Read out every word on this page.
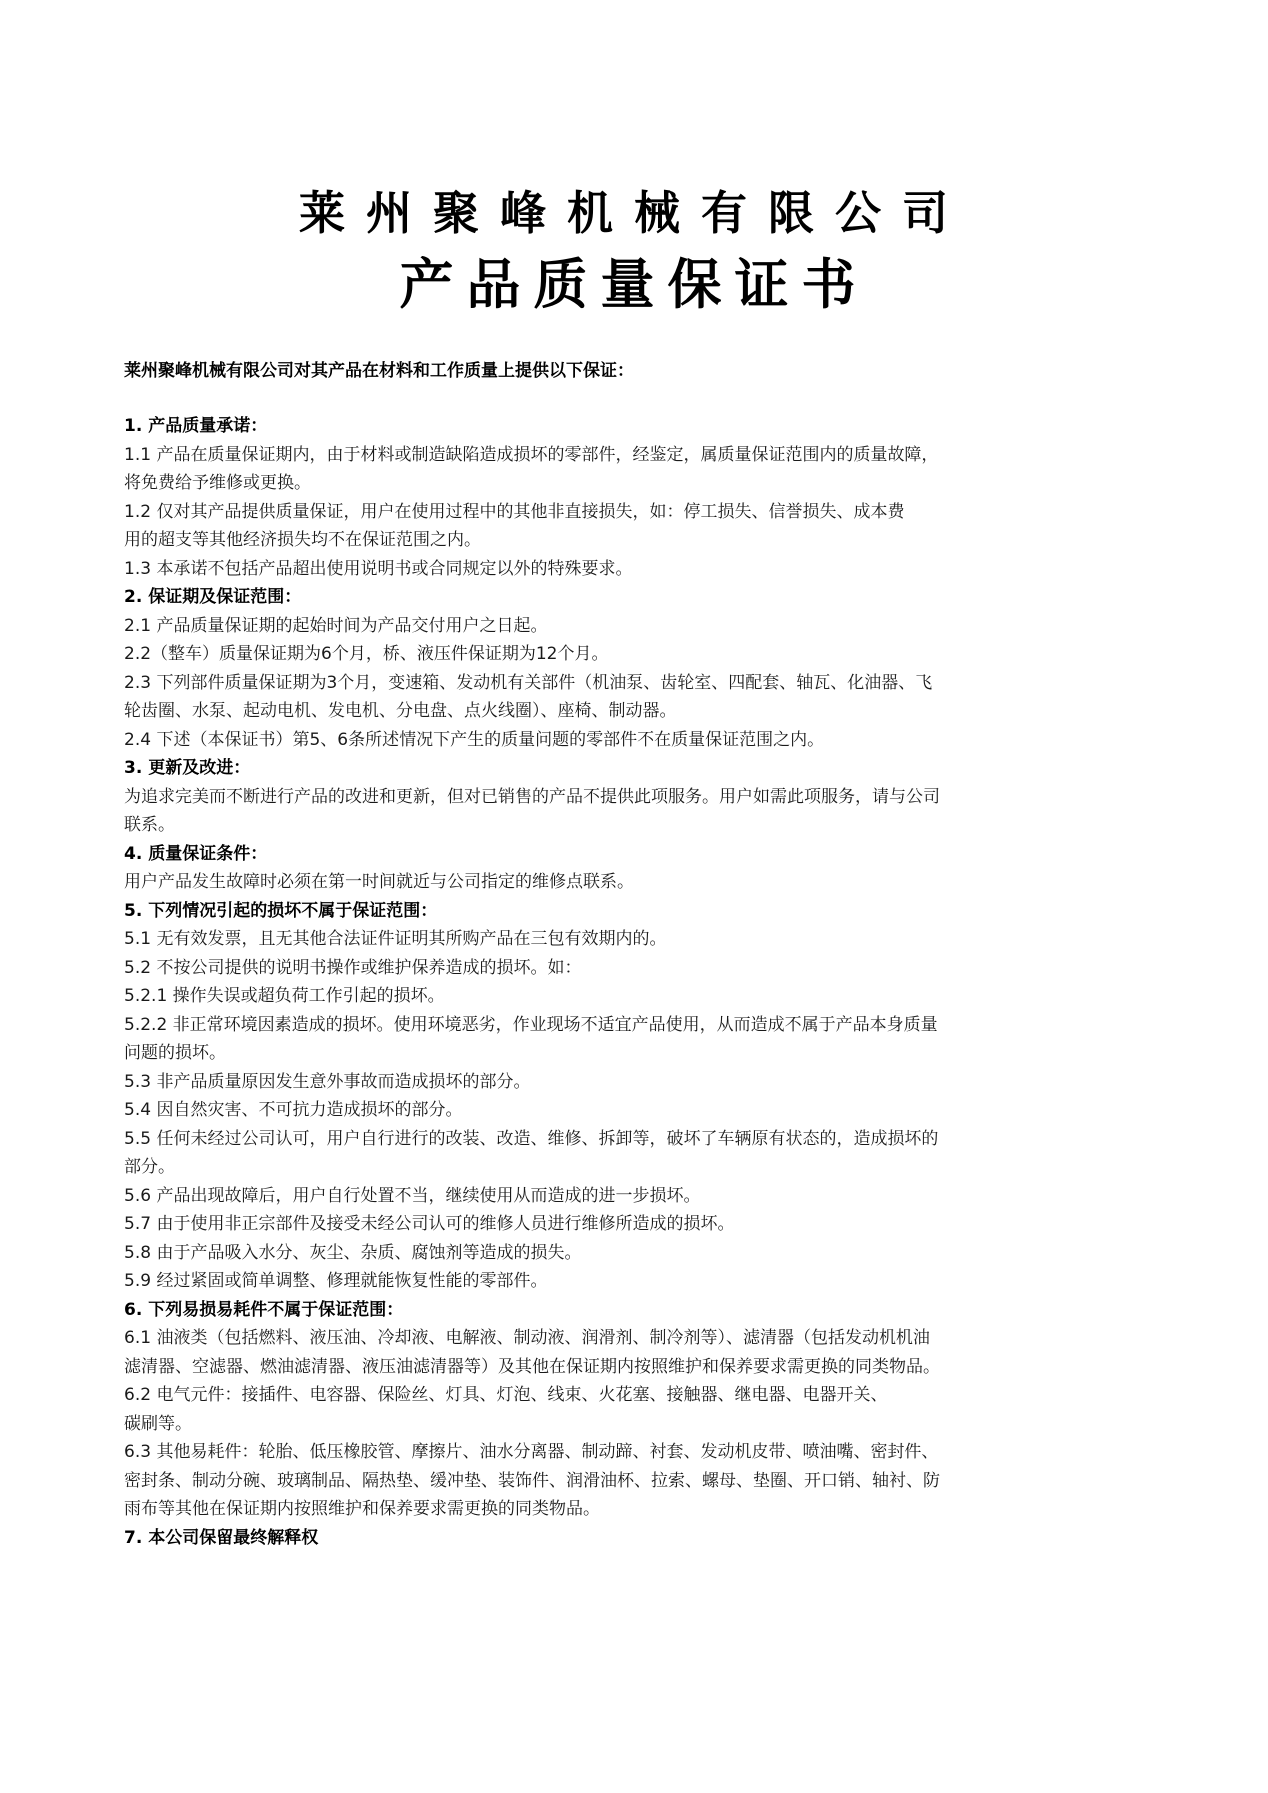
莱州聚峰机械有限公司
产品质量保证书
莱州聚峰机械有限公司对其产品在材料和工作质量上提供以下保证：
1. 产品质量承诺：
1.1 产品在质量保证期内，由于材料或制造缺陷造成损坏的零部件，经鉴定，属质量保证范围内的质量故障，
将免费给予维修或更换。
1.2 仅对其产品提供质量保证，用户在使用过程中的其他非直接损失，如：停工损失、信誉损失、成本费
用的超支等其他经济损失均不在保证范围之内。
1.3 本承诺不包括产品超出使用说明书或合同规定以外的特殊要求。
2. 保证期及保证范围：
2.1 产品质量保证期的起始时间为产品交付用户之日起。
2.2（整车）质量保证期为6个月，桥、液压件保证期为12个月。
2.3 下列部件质量保证期为3个月，变速箱、发动机有关部件（机油泵、齿轮室、四配套、轴瓦、化油器、飞
轮齿圈、水泵、起动电机、发电机、分电盘、点火线圈）、座椅、制动器。
2.4 下述（本保证书）第5、6条所述情况下产生的质量问题的零部件不在质量保证范围之内。
3. 更新及改进：
为追求完美而不断进行产品的改进和更新，但对已销售的产品不提供此项服务。用户如需此项服务，请与公司
联系。
4. 质量保证条件：
用户产品发生故障时必须在第一时间就近与公司指定的维修点联系。
5. 下列情况引起的损坏不属于保证范围：
5.1 无有效发票，且无其他合法证件证明其所购产品在三包有效期内的。
5.2 不按公司提供的说明书操作或维护保养造成的损坏。如：
5.2.1 操作失误或超负荷工作引起的损坏。
5.2.2 非正常环境因素造成的损坏。使用环境恶劣，作业现场不适宜产品使用，从而造成不属于产品本身质量
问题的损坏。
5.3 非产品质量原因发生意外事故而造成损坏的部分。
5.4 因自然灾害、不可抗力造成损坏的部分。
5.5 任何未经过公司认可，用户自行进行的改装、改造、维修、拆卸等，破坏了车辆原有状态的，造成损坏的
部分。
5.6 产品出现故障后，用户自行处置不当，继续使用从而造成的进一步损坏。
5.7 由于使用非正宗部件及接受未经公司认可的维修人员进行维修所造成的损坏。
5.8 由于产品吸入水分、灰尘、杂质、腐蚀剂等造成的损失。
5.9 经过紧固或简单调整、修理就能恢复性能的零部件。
6. 下列易损易耗件不属于保证范围：
6.1 油液类（包括燃料、液压油、冷却液、电解液、制动液、润滑剂、制冷剂等）、滤清器（包括发动机机油
滤清器、空滤器、燃油滤清器、液压油滤清器等）及其他在保证期内按照维护和保养要求需更换的同类物品。
6.2 电气元件：接插件、电容器、保险丝、灯具、灯泡、线束、火花塞、接触器、继电器、电器开关、
碳刷等。
6.3 其他易耗件：轮胎、低压橡胶管、摩擦片、油水分离器、制动蹄、衬套、发动机皮带、喷油嘴、密封件、
密封条、制动分碗、玻璃制品、隔热垫、缓冲垫、装饰件、润滑油杯、拉索、螺母、垫圈、开口销、轴衬、防
雨布等其他在保证期内按照维护和保养要求需更换的同类物品。
7. 本公司保留最终解释权
